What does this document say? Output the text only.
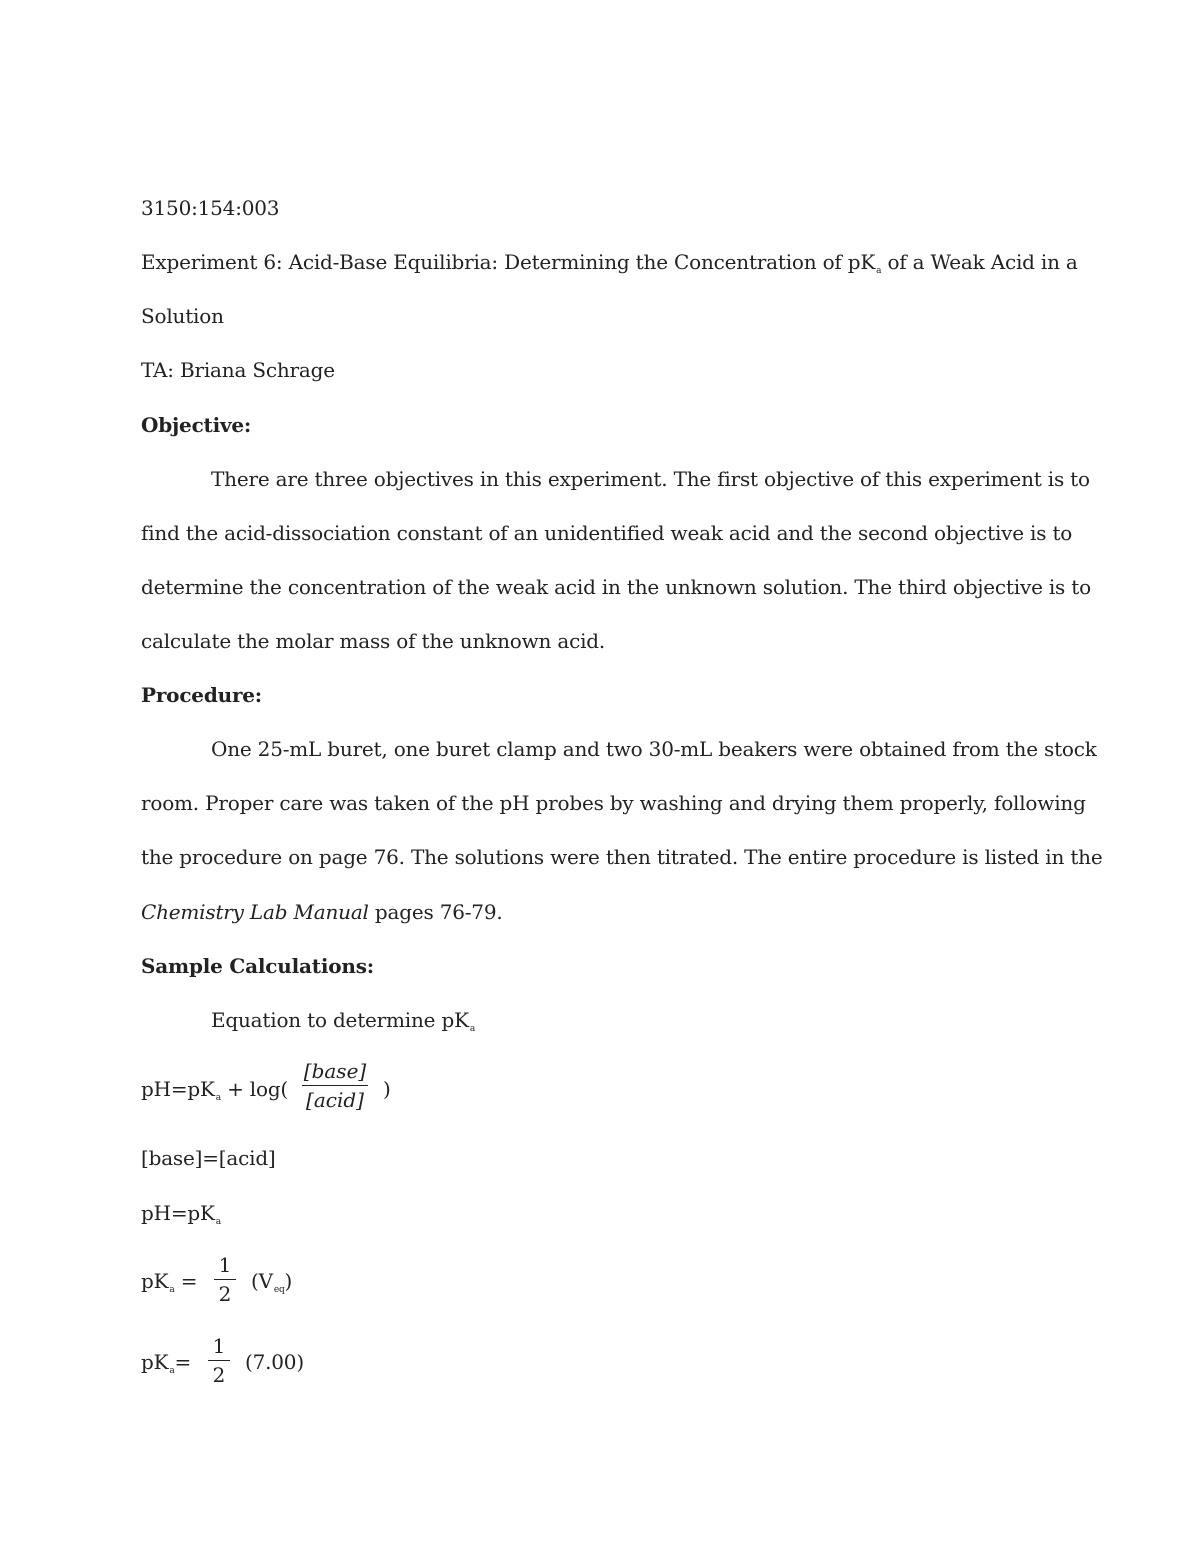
3150:154:003
Experiment 6: Acid-Base Equilibria: Determining the Concentration of $pK_a$ of a Weak Acid in a
Solution
TA: Briana Schrage
Objective:
There are three objectives in this experiment. The first objective of this experiment is to
find the acid-dissociation constant of an unidentified weak acid and the second objective is to
determine the concentration of the weak acid in the unknown solution. The third objective is to
calculate the molar mass of the unknown acid.
Procedure:
One 25-mL buret, one buret clamp and two 30-mL beakers were obtained from the stock
room. Proper care was taken of the pH probes by washing and drying them properly, following
the procedure on page 76. The solutions were then titrated. The entire procedure is listed in the
Chemistry Lab Manual pages 76-79.
Sample Calculations:
Equation to determine $pK_a$
$pH=pK_a + \log$(
[base]
[acid] )
[base]=[acid]
$pH=pK_a$
$pK_a$ =
1
2
$(V_{eq})$
$pK_a=$
1
2
(7.00)
